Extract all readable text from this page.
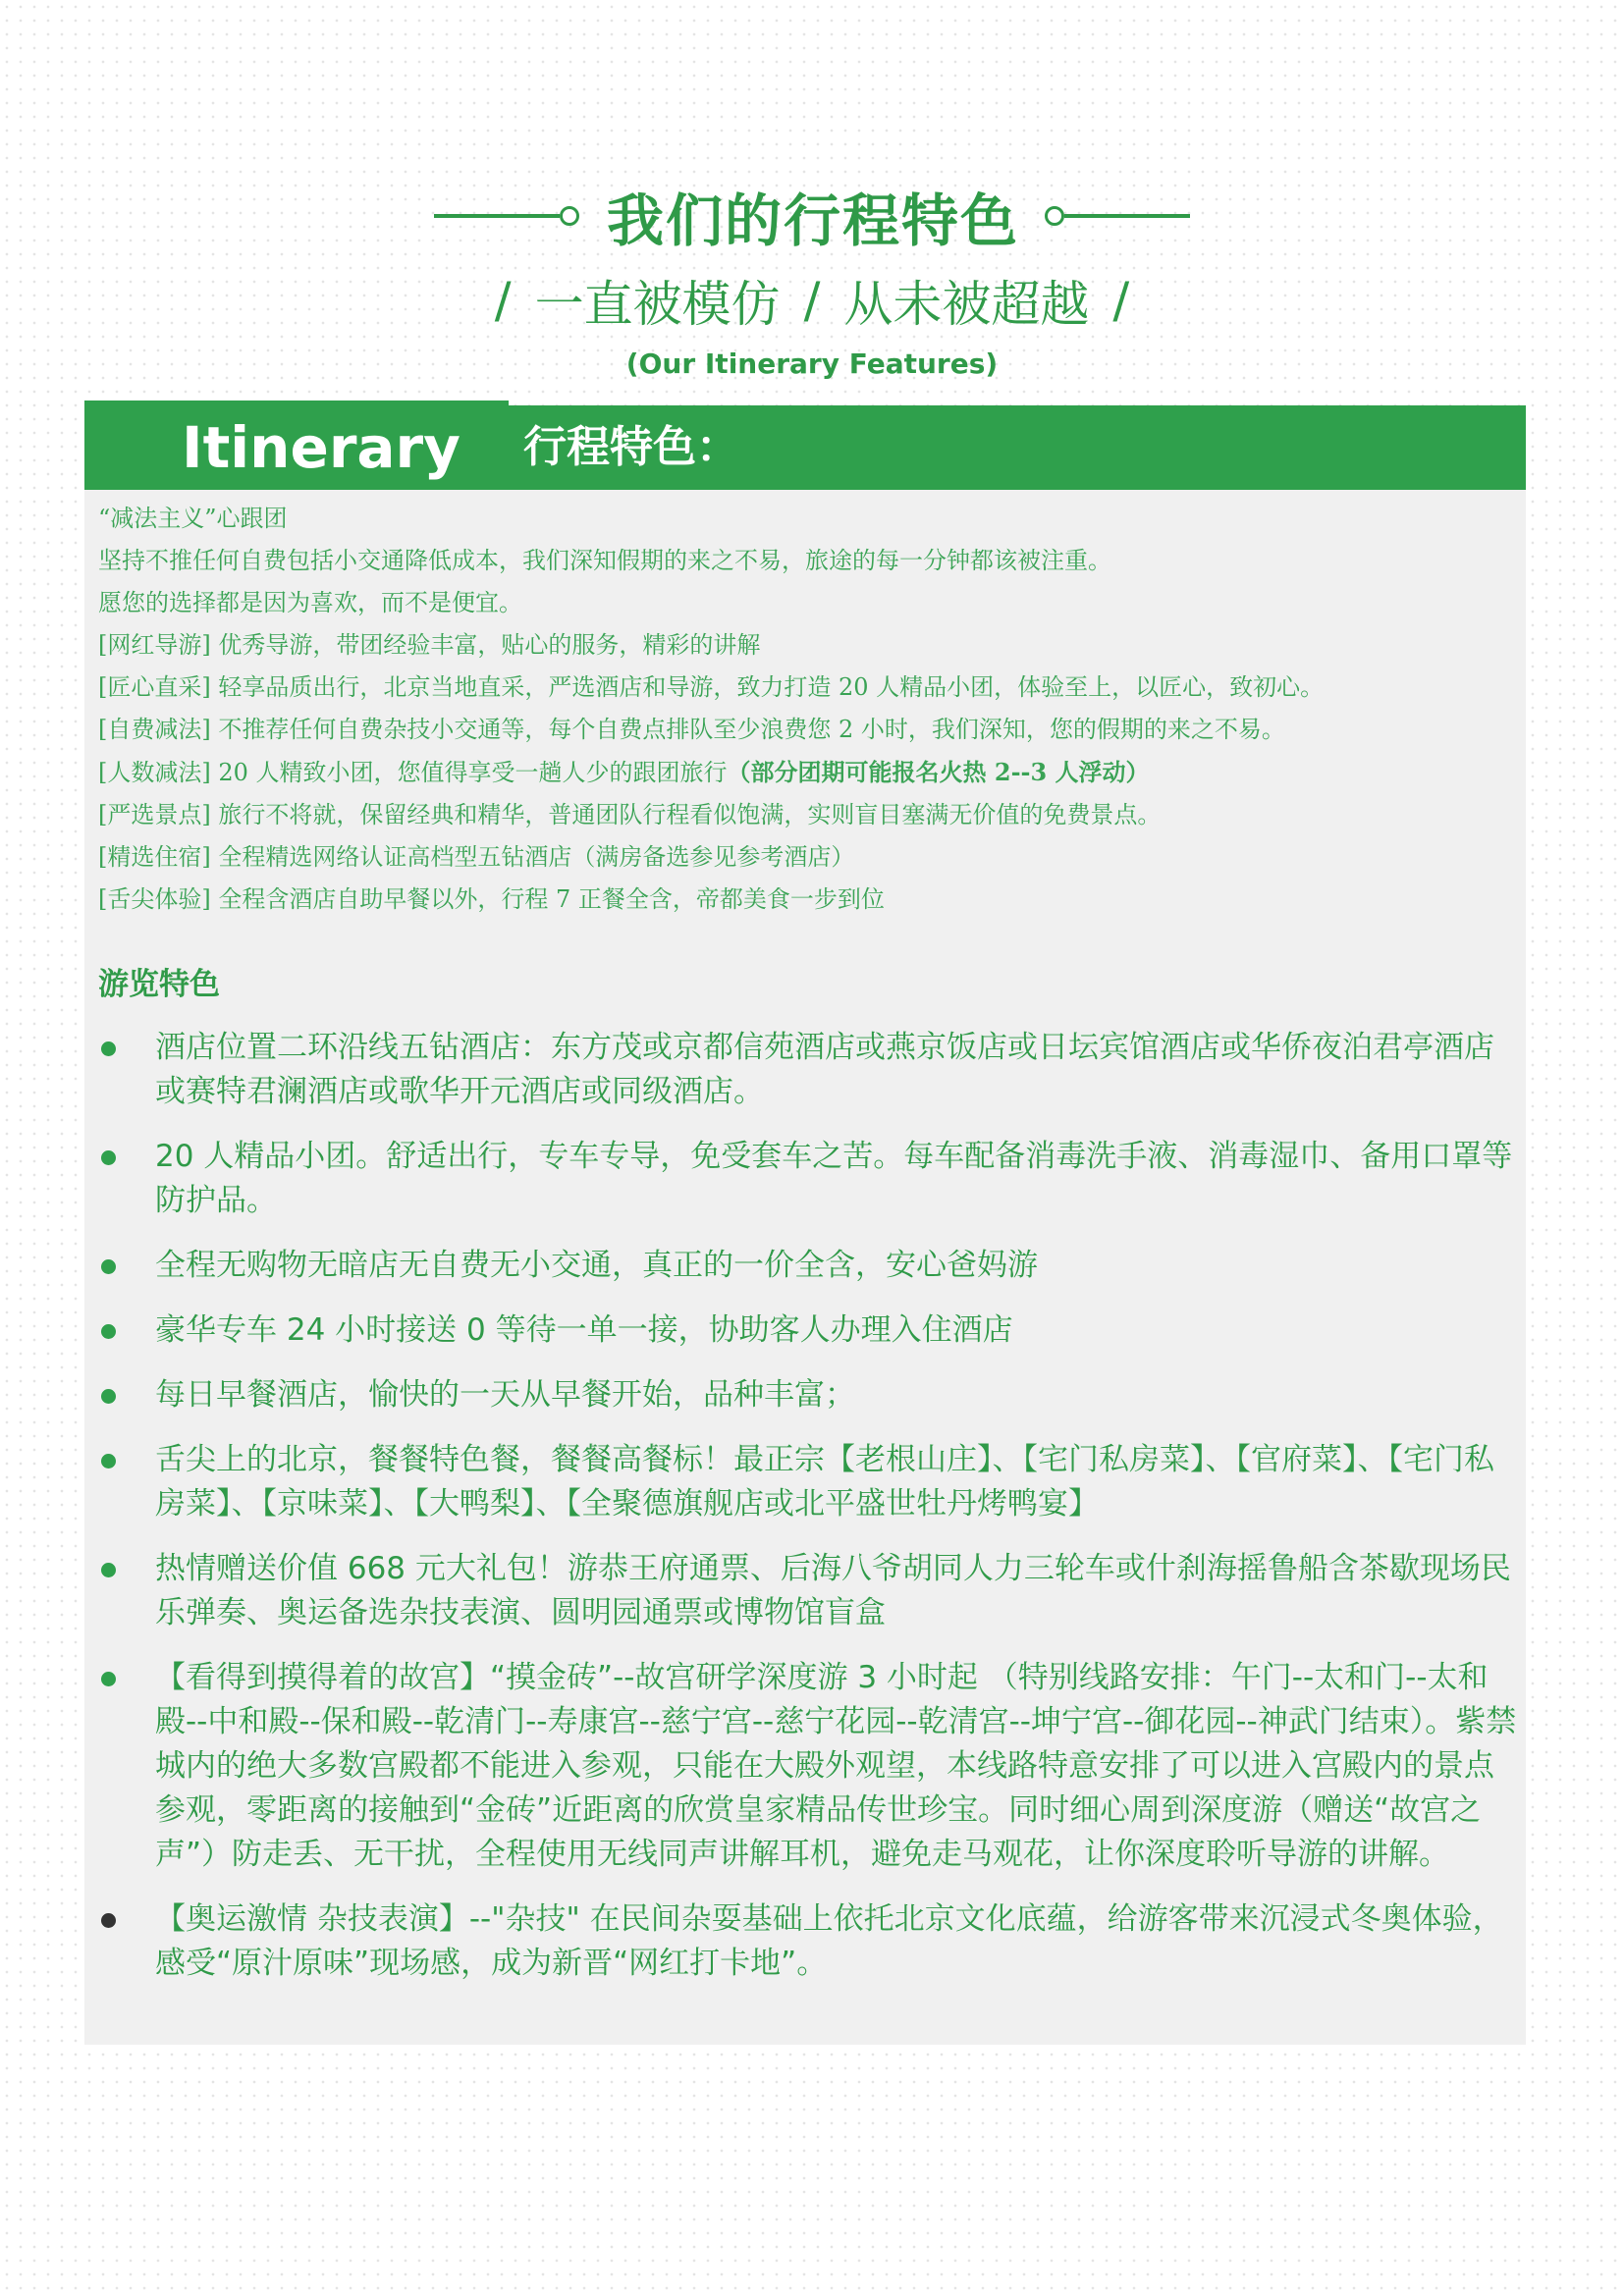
我们的行程特色
/ 一直被模仿 / 从未被超越 /
(Our Itinerary Features)
Itinerary 行程特色：

“减法主义”心跟团

坚持不推任何自费包括小交通降低成本，我们深知假期的来之不易，旅途的每一分钟都该被注重。

愿您的选择都是因为喜欢，而不是便宜。

[网红导游] 优秀导游，带团经验丰富，贴心的服务，精彩的讲解

[匠心直采] 轻享品质出行，北京当地直采，严选酒店和导游，致力打造 20 人精品小团，体验至上，以匠心，致初心。

[自费减法] 不推荐任何自费杂技小交通等，每个自费点排队至少浪费您 2 小时，我们深知，您的假期的来之不易。

[人数减法] 20 人精致小团，您值得享受一趟人少的跟团旅行（部分团期可能报名火热 2--3 人浮动）

[严选景点] 旅行不将就，保留经典和精华，普通团队行程看似饱满，实则盲目塞满无价值的免费景点。

[精选住宿] 全程精选网络认证高档型五钻酒店（满房备选参见参考酒店）

[舌尖体验] 全程含酒店自助早餐以外，行程 7 正餐全含，帝都美食一步到位

游览特色
酒店位置二环沿线五钻酒店：东方茂或京都信苑酒店或燕京饭店或日坛宾馆酒店或华侨夜泊君亭酒店或赛特君澜酒店或歌华开元酒店或同级酒店。
20 人精品小团。舒适出行，专车专导，免受套车之苦。每车配备消毒洗手液、消毒湿巾、备用口罩等防护品。
全程无购物无暗店无自费无小交通，真正的一价全含，安心爸妈游
豪华专车 24 小时接送 0 等待一单一接，协助客人办理入住酒店
每日早餐酒店，愉快的一天从早餐开始，品种丰富；
舌尖上的北京，餐餐特色餐，餐餐高餐标！最正宗【老根山庄】、【宅门私房菜】、【官府菜】、【宅门私房菜】、【京味菜】、【大鸭梨】、【全聚德旗舰店或北平盛世牡丹烤鸭宴】
热情赠送价值 668 元大礼包！游恭王府通票、后海八爷胡同人力三轮车或什刹海摇鲁船含茶歇现场民乐弹奏、奥运备选杂技表演、圆明园通票或博物馆盲盒
【看得到摸得着的故宫】“摸金砖”--故宫研学深度游 3 小时起 （特别线路安排：午门--太和门--太和殿--中和殿--保和殿--乾清门--寿康宫--慈宁宫--慈宁花园--乾清宫--坤宁宫--御花园--神武门结束）。紫禁城内的绝大多数宫殿都不能进入参观，只能在大殿外观望，本线路特意安排了可以进入宫殿内的景点参观，零距离的接触到“金砖”近距离的欣赏皇家精品传世珍宝。同时细心周到深度游（赠送“故宫之声”）防走丢、无干扰，全程使用无线同声讲解耳机，避免走马观花，让你深度聆听导游的讲解。
【奥运激情 杂技表演】--"杂技" 在民间杂耍基础上依托北京文化底蕴，给游客带来沉浸式冬奥体验，感受“原汁原味”现场感，成为新晋“网红打卡地”。
